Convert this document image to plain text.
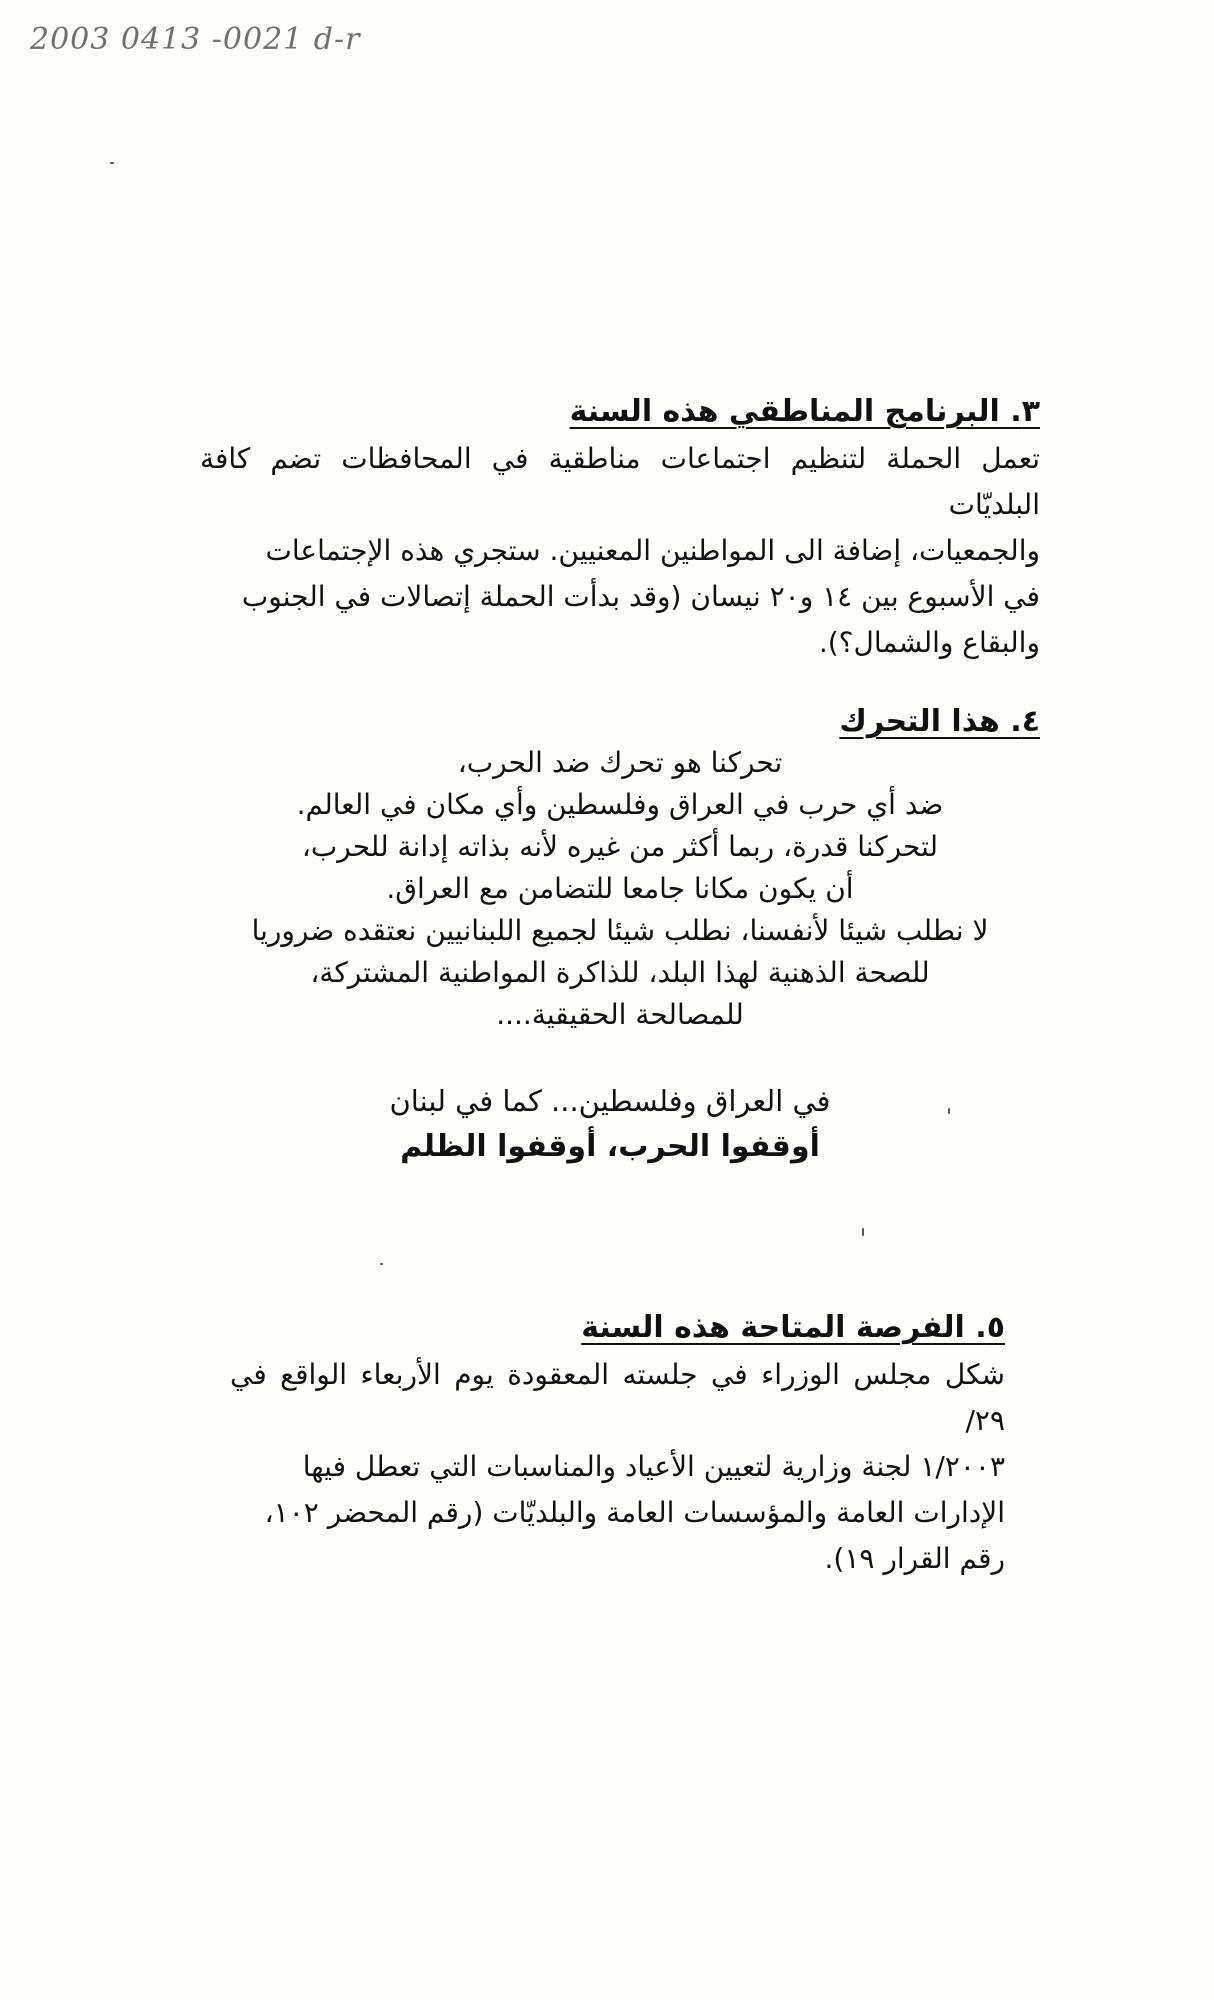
2003 0413 -0021 d-r
٣. البرنامج المناطقي هذه السنة
تعمل الحملة لتنظيم اجتماعات مناطقية في المحافظات تضم كافة البلديّات
والجمعيات، إضافة الى المواطنين المعنيين. ستجري هذه الإجتماعات
في الأسبوع بين ١٤ و٢٠ نيسان (وقد بدأت الحملة إتصالات في الجنوب
والبقاع والشمال؟).
٤. هذا التحرك
تحركنا هو تحرك ضد الحرب،
ضد أي حرب في العراق وفلسطين وأي مكان في العالم.
لتحركنا قدرة، ربما أكثر من غيره لأنه بذاته إدانة للحرب،
أن يكون مكانا جامعا للتضامن مع العراق.
لا نطلب شيئا لأنفسنا، نطلب شيئا لجميع اللبنانيين نعتقده ضروريا
للصحة الذهنية لهذا البلد، للذاكرة المواطنية المشتركة،
للمصالحة الحقيقية....
في العراق وفلسطين... كما في لبنان
أوقفوا الحرب، أوقفوا الظلم
٥. الفرصة المتاحة هذه السنة
شكل مجلس الوزراء في جلسته المعقودة يوم الأربعاء الواقع في ٢٩/
١/٢٠٠٣ لجنة وزارية لتعيين الأعياد والمناسبات التي تعطل فيها
الإدارات العامة والمؤسسات العامة والبلديّات (رقم المحضر ١٠٢،
رقم القرار ١٩).
